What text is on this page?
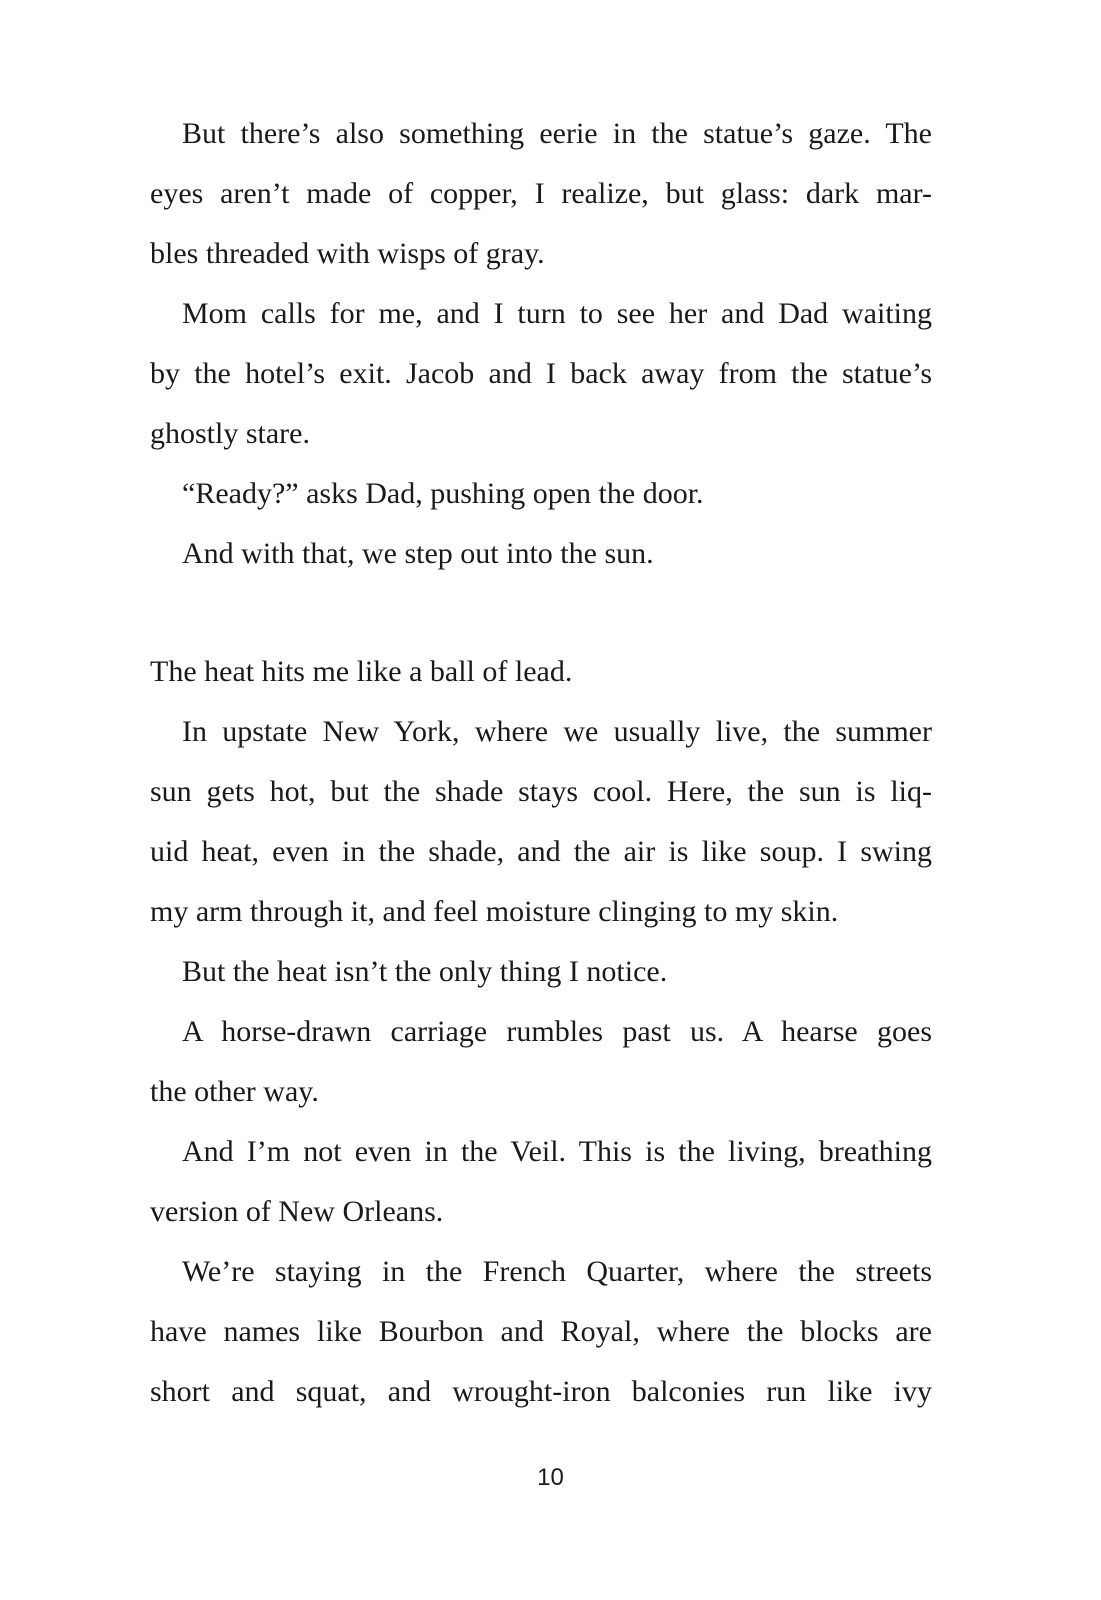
But there’s also something eerie in the statue’s gaze. The
eyes aren’t made of copper, I realize, but glass: dark mar-
bles threaded with wisps of gray.

Mom calls for me, and I turn to see her and Dad waiting
by the hotel’s exit. Jacob and I back away from the statue’s
ghostly stare.

“Ready?” asks Dad, pushing open the door.

And with that, we step out into the sun.

The heat hits me like a ball of lead.

In upstate New York, where we usually live, the summer
sun gets hot, but the shade stays cool. Here, the sun is liq-
uid heat, even in the shade, and the air is like soup. I swing
my arm through it, and feel moisture clinging to my skin.

But the heat isn’t the only thing I notice.

A horse-drawn carriage rumbles past us. A hearse goes
the other way.

And I’m not even in the Veil. This is the living, breathing
version of New Orleans.

We’re staying in the French Quarter, where the streets
have names like Bourbon and Royal, where the blocks are
short and squat, and wrought-iron balconies run like ivy

10
